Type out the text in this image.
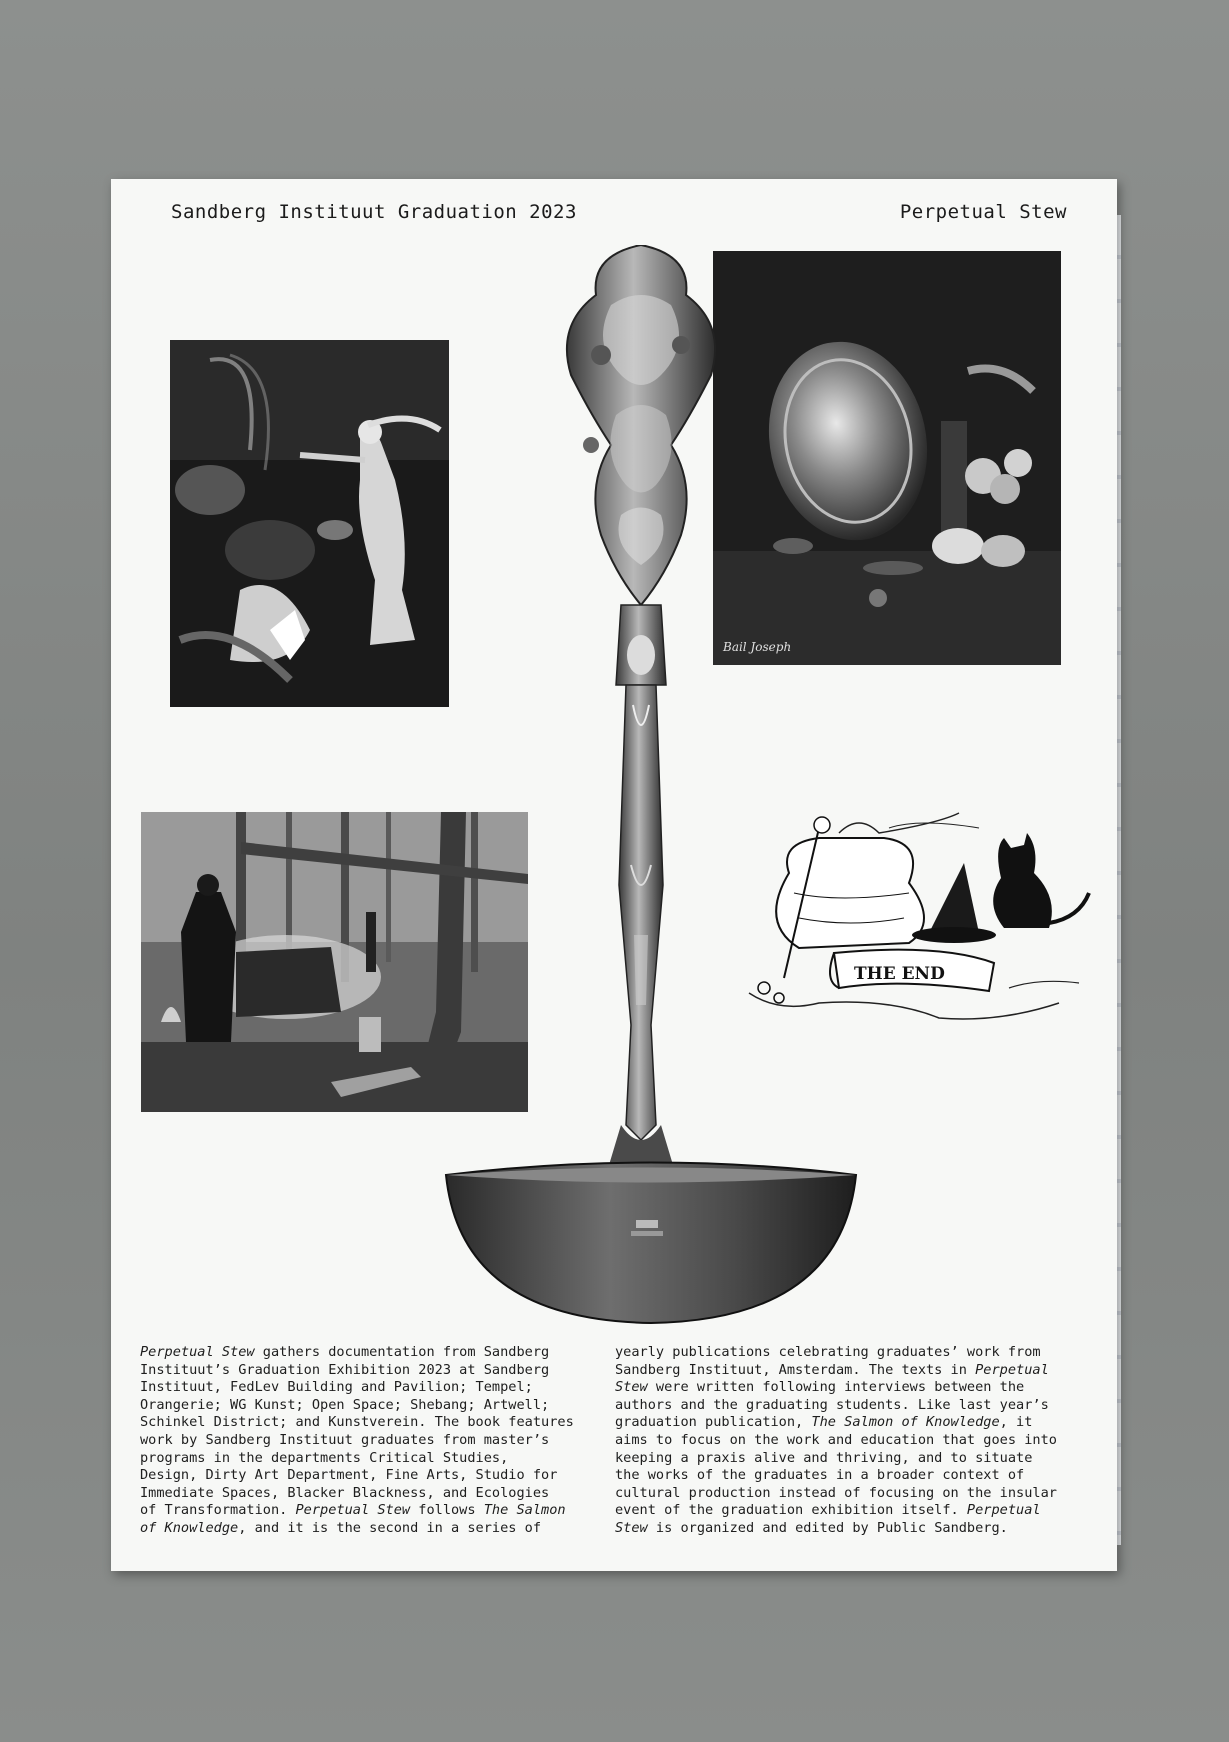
Sandberg Instituut Graduation 2023	Perpetual Stew
Bail Joseph
THE END
Perpetual Stew gathers documentation from Sandberg
Instituut’s Graduation Exhibition 2023 at Sandberg
Instituut, FedLev Building and Pavilion; Tempel;
Orangerie; WG Kunst; Open Space; Shebang; Artwell;
Schinkel District; and Kunstverein. The book features
work by Sandberg Instituut graduates from master’s
programs in the departments Critical Studies,
Design, Dirty Art Department, Fine Arts, Studio for
Immediate Spaces, Blacker Blackness, and Ecologies
of Transformation. Perpetual Stew follows The Salmon
of Knowledge, and it is the second in a series of
yearly publications celebrating graduates’ work from
Sandberg Instituut, Amsterdam. The texts in Perpetual
Stew were written following interviews between the
authors and the graduating students. Like last year’s
graduation publication, The Salmon of Knowledge, it
aims to focus on the work and education that goes into
keeping a praxis alive and thriving, and to situate
the works of the graduates in a broader context of
cultural production instead of focusing on the insular
event of the graduation exhibition itself. Perpetual
Stew is organized and edited by Public Sandberg.
